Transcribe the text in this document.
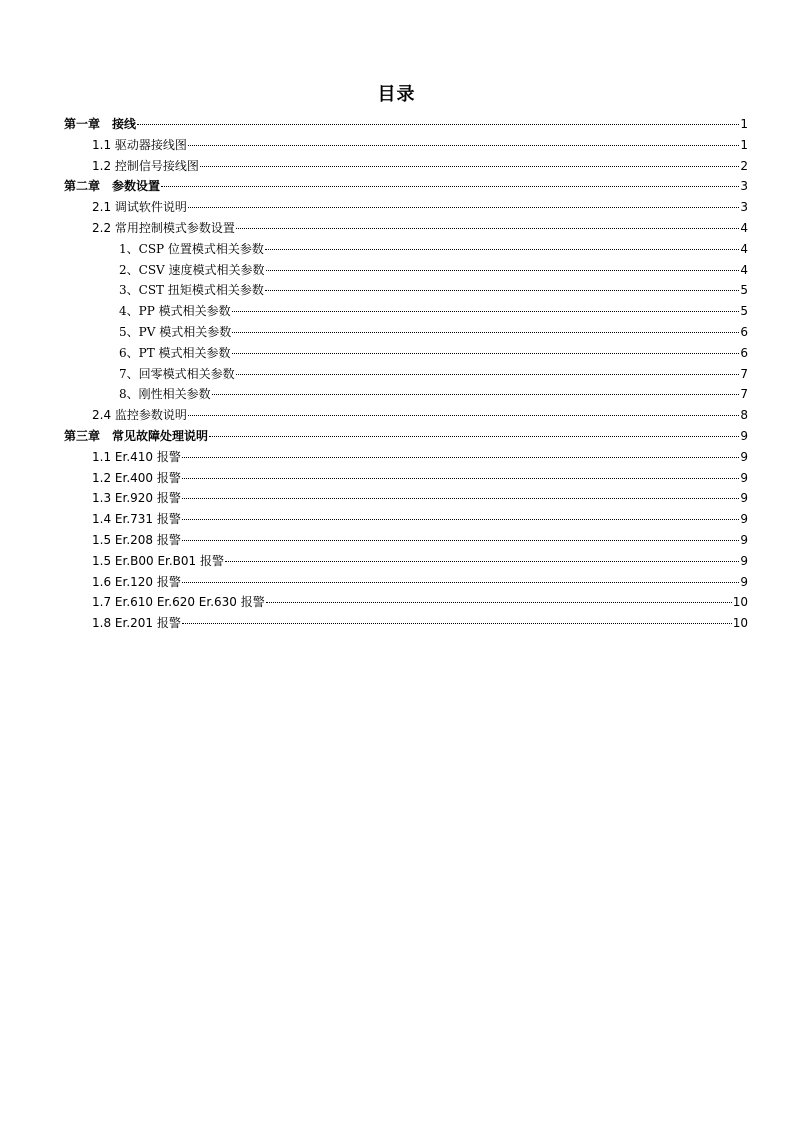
目录
第一章　接线	1
1.1 驱动器接线图	1
1.2 控制信号接线图	2
第二章　参数设置	3
2.1 调试软件说明	3
2.2 常用控制模式参数设置	4
1、CSP 位置模式相关参数	4
2、CSV 速度模式相关参数	4
3、CST 扭矩模式相关参数	5
4、PP 模式相关参数	5
5、PV 模式相关参数	6
6、PT 模式相关参数	6
7、回零模式相关参数	7
8、刚性相关参数	7
2.4 监控参数说明	8
第三章　常见故障处理说明	9
1.1 Er.410 报警	9
1.2 Er.400 报警	9
1.3 Er.920 报警	9
1.4 Er.731 报警	9
1.5 Er.208 报警	9
1.5 Er.B00 Er.B01 报警	9
1.6 Er.120 报警	9
1.7 Er.610 Er.620 Er.630 报警	10
1.8 Er.201 报警	10
